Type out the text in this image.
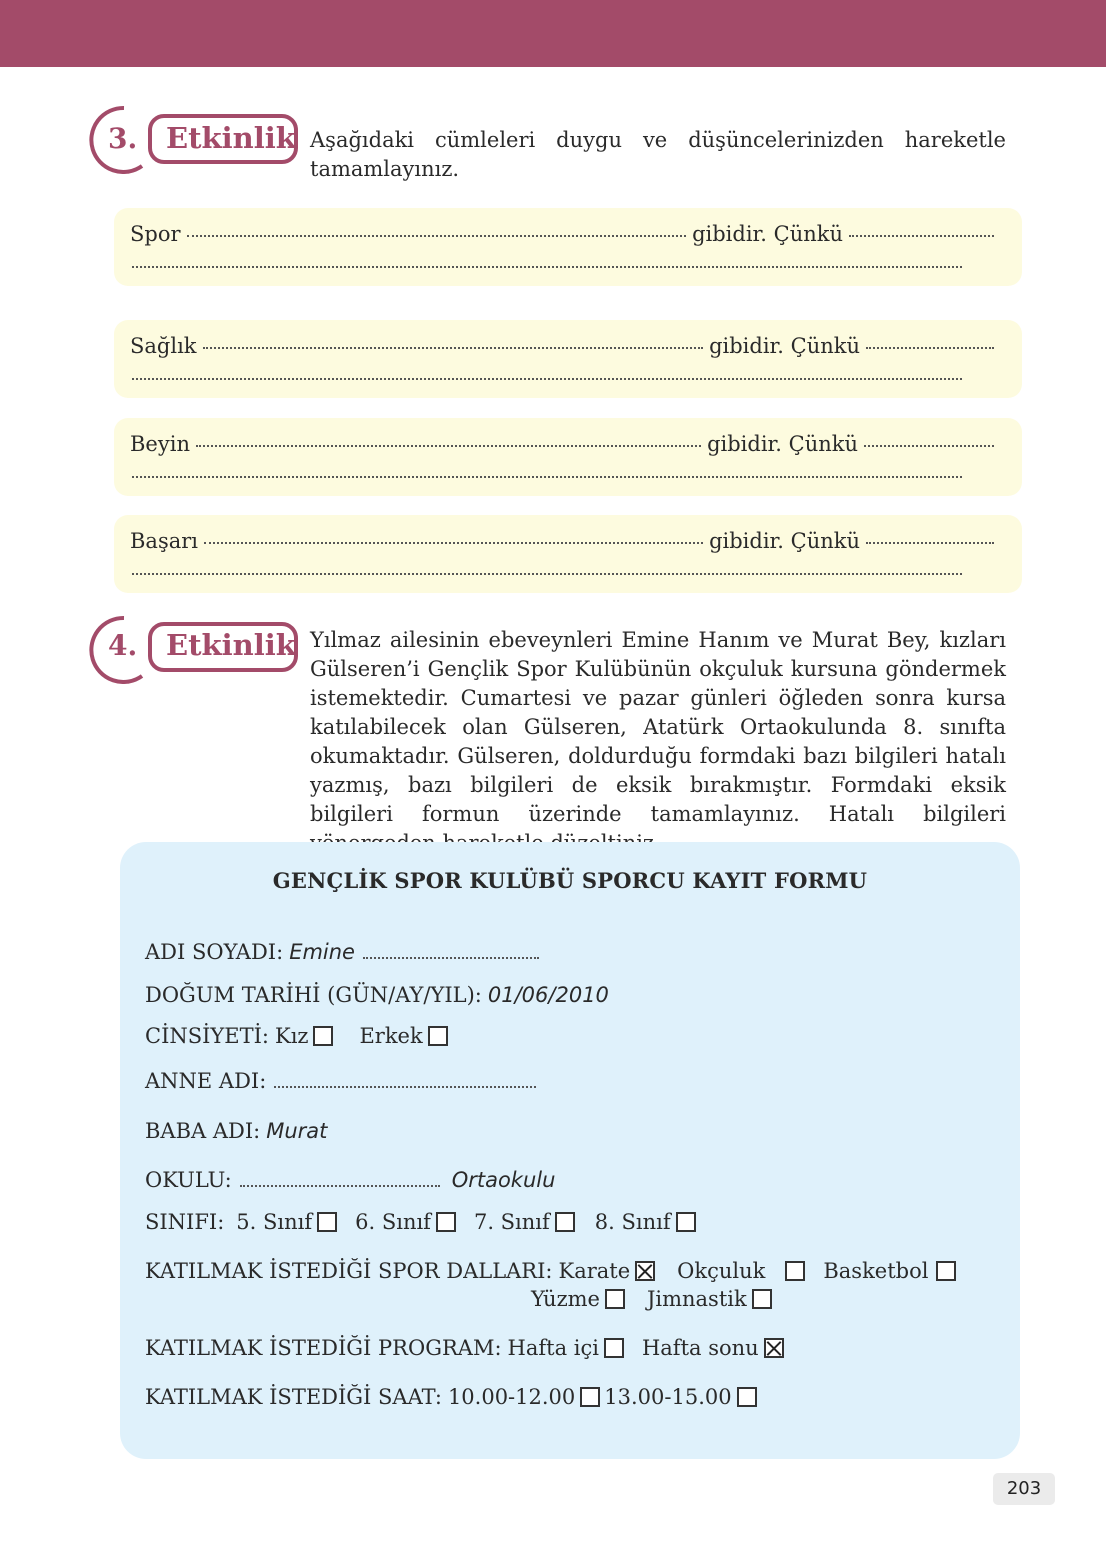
3. Etkinlik Aşağıdaki cümleleri duygu ve düşüncelerinizden hareketle tamamlayınız.
Spor	gibidir. Çünkü
Sağlık	gibidir. Çünkü
Beyin	gibidir. Çünkü
Başarı	gibidir. Çünkü
4. Etkinlik Yılmaz ailesinin ebeveynleri Emine Hanım ve Murat Bey, kızları Gülseren’i Gençlik Spor Kulübünün okçuluk kursuna göndermek istemektedir. Cumartesi ve pazar günleri öğleden sonra kursa katılabilecek olan Gülseren, Atatürk Ortaokulunda 8. sınıfta okumaktadır. Gülseren, doldurduğu formdaki bazı bilgileri hatalı yazmış, bazı bilgileri de eksik bırakmıştır. Formdaki eksik bilgileri formun üzerinde tamamlayınız. Hatalı bilgileri
GENÇLİK SPOR KULÜBÜ SPORCU KAYIT FORMU
ADI SOYADI: Emine
DOĞUM TARİHİ (GÜN/AY/YIL): 01/06/2010
CİNSİYETİ: Kız Erkek
ANNE ADI:
BABA ADI: Murat
OKULU:	Ortaokulu
SINIFI: 5. Sınıf 6. Sınıf 7. Sınıf 8. Sınıf
KATILMAK İSTEDİĞİ SPOR DALLARI: Karate Okçuluk	Basketbol
Yüzme Jimnastik
KATILMAK İSTEDİĞİ PROGRAM: Hafta içi Hafta sonu
KATILMAK İSTEDİĞİ SAAT: 10.00-12.00 13.00-15.00
203
